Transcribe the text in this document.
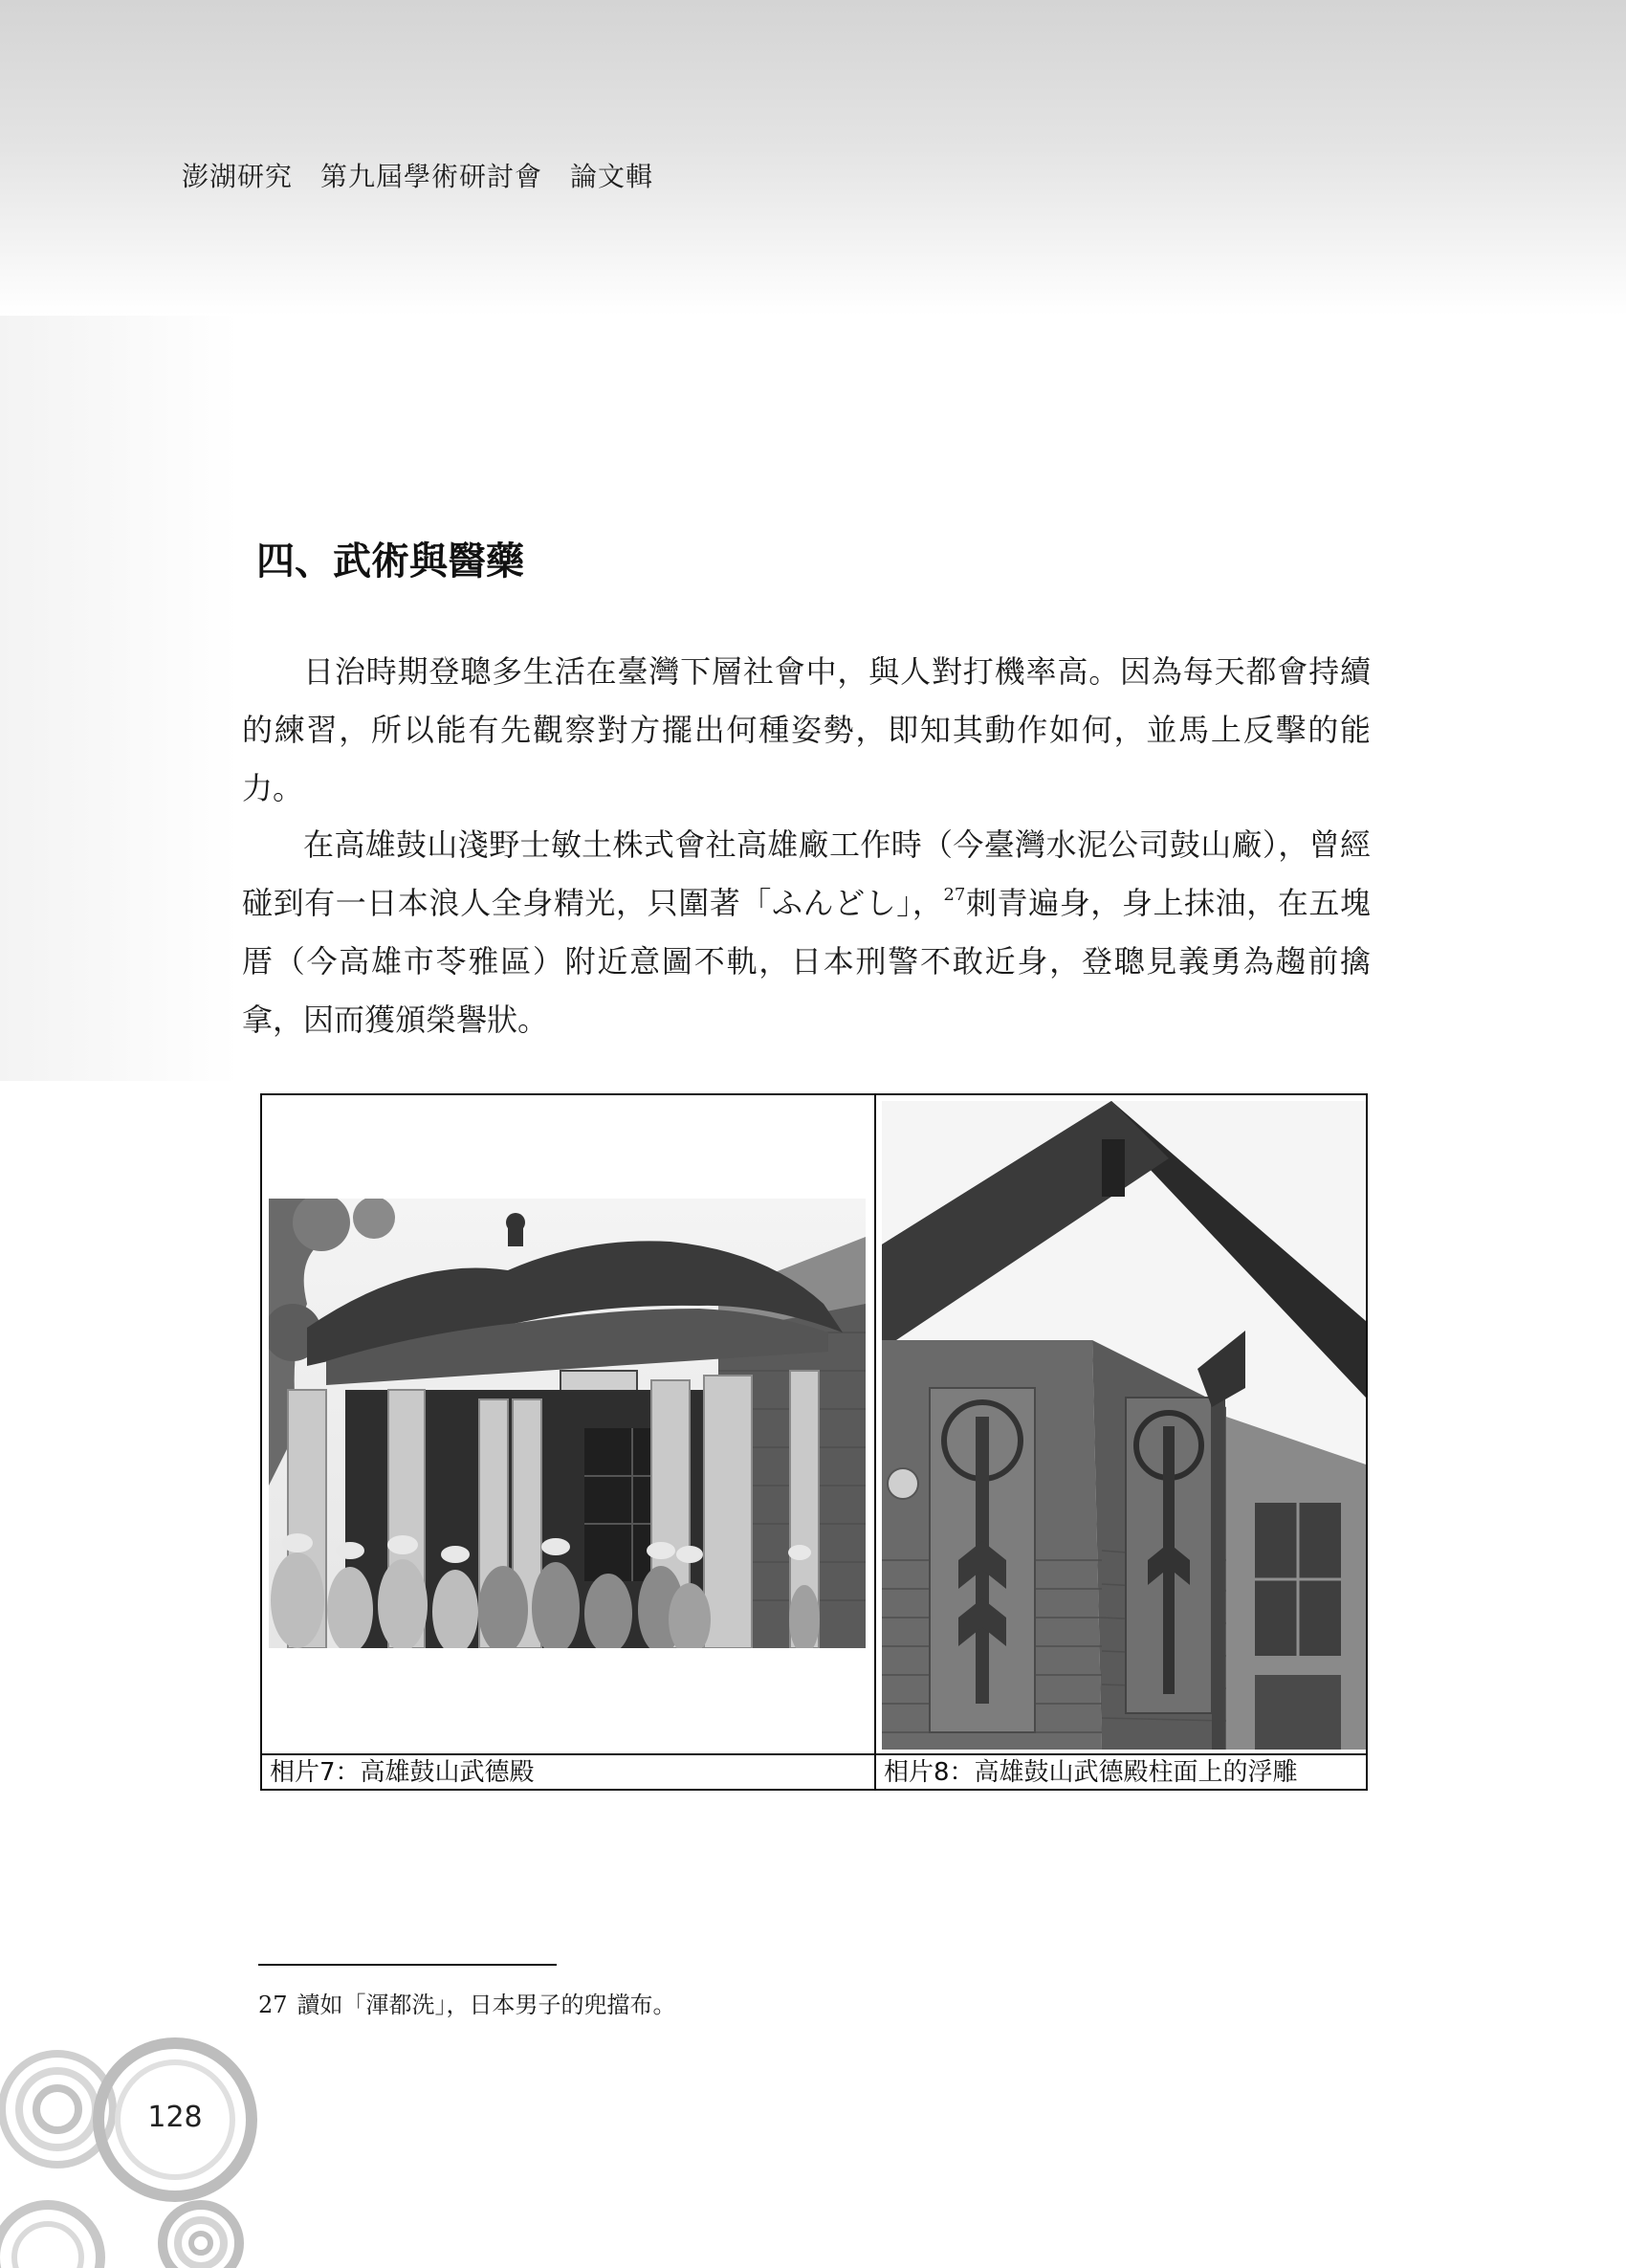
澎湖研究　第九屆學術研討會　論文輯
四、武術與醫藥

日治時期登聰多生活在臺灣下層社會中，與人對打機率高。因為每天都會持續的練習，所以能有先觀察對方擺出何種姿勢，即知其動作如何，並馬上反擊的能力。

在高雄鼓山淺野士敏土株式會社高雄廠工作時（今臺灣水泥公司鼓山廠），曾經碰到有一日本浪人全身精光，只圍著「ふんどし」，$^{27}$刺青遍身，身上抹油，在五塊厝（今高雄市苓雅區）附近意圖不軌，日本刑警不敢近身，登聰見義勇為趨前擒拿，因而獲頒榮譽狀。

相片7：高雄鼓山武德殿	相片8：高雄鼓山武德殿柱面上的浮雕
27 讀如「渾都洗」，日本男子的兜擋布。
128
